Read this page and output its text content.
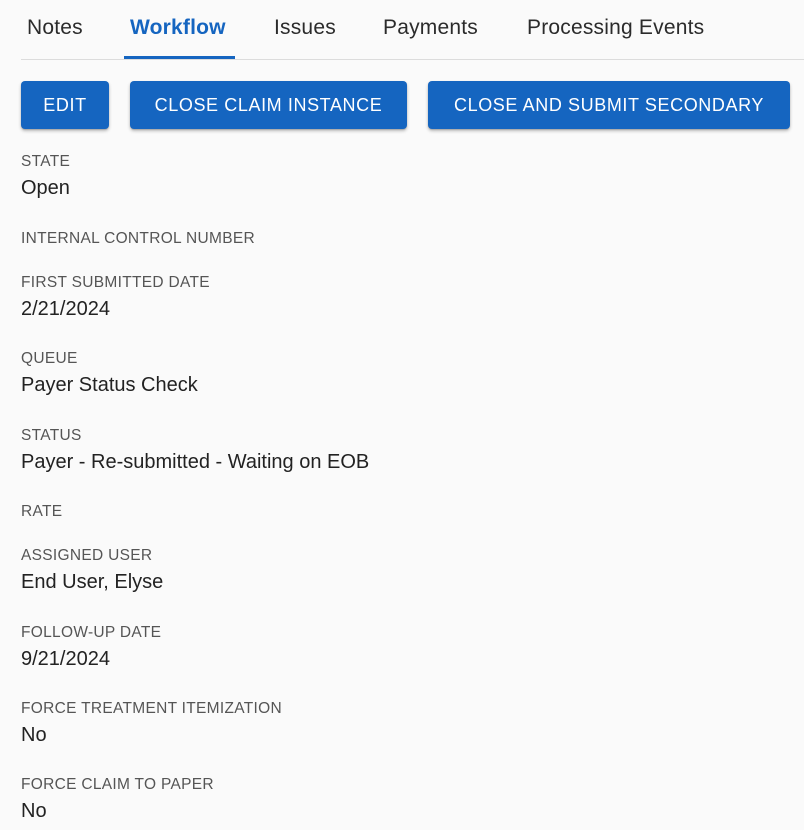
Notes Workflow Issues Payments Processing Events
EDIT	CLOSE CLAIM INSTANCE	CLOSE AND SUBMIT SECONDARY
STATE
Open
INTERNAL CONTROL NUMBER
FIRST SUBMITTED DATE
2/21/2024
QUEUE
Payer Status Check
STATUS
Payer - Re-submitted - Waiting on EOB
RATE
ASSIGNED USER
End User, Elyse
FOLLOW-UP DATE
9/21/2024
FORCE TREATMENT ITEMIZATION
No
FORCE CLAIM TO PAPER
No
